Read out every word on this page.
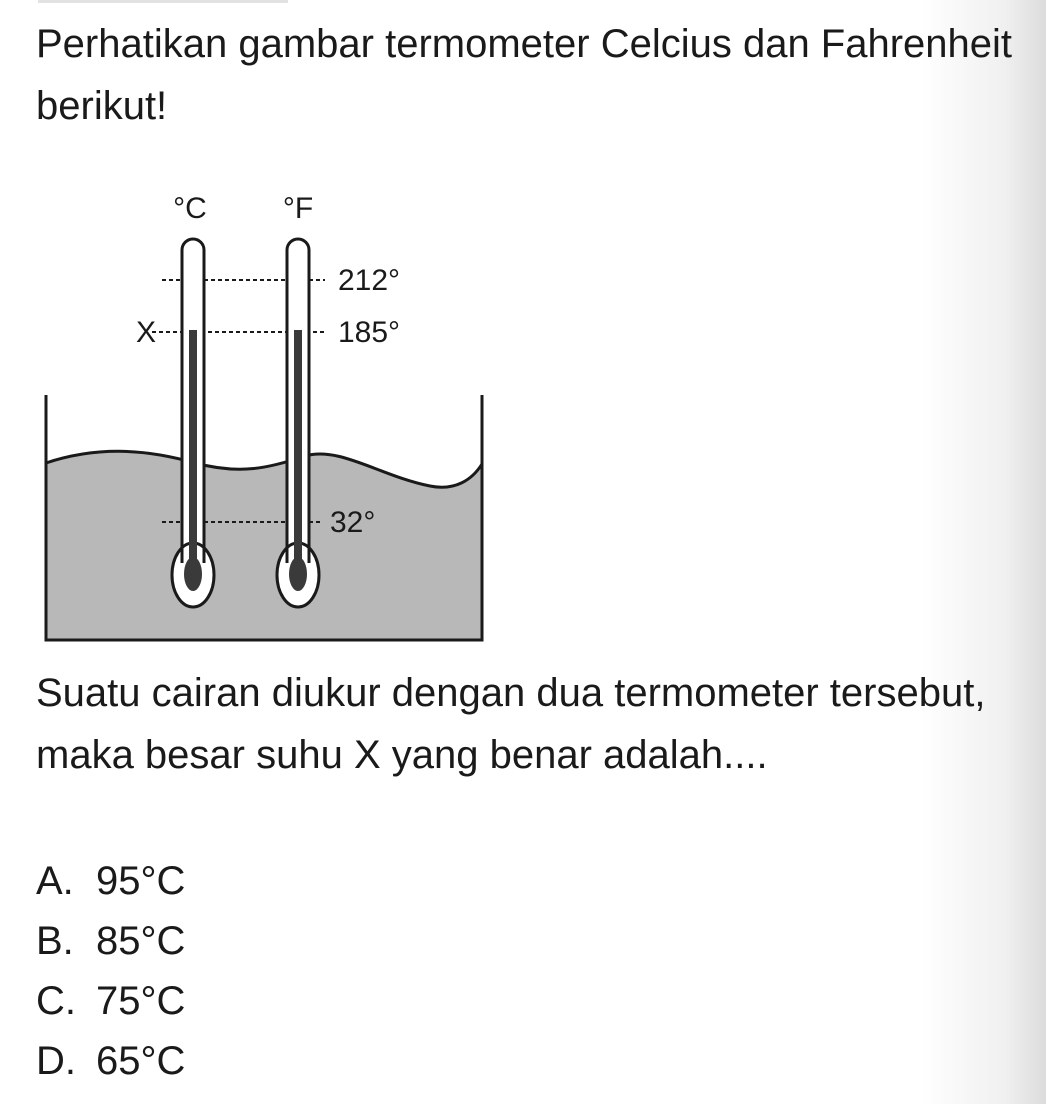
Perhatikan gambar termometer Celcius dan Fahrenheit berikut!

°C	°F
X
212°
185°
32°

Suatu cairan diukur dengan dua termometer tersebut, maka besar suhu X yang benar adalah....

A. 95°C
B. 85°C
C. 75°C
D. 65°C
